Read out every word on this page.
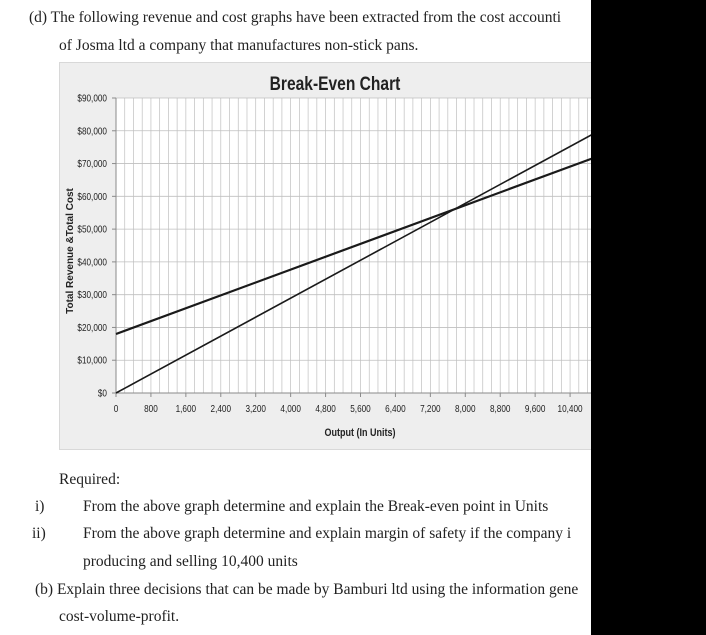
(d) The following revenue and cost graphs have been extracted from the cost accounti
of Josma ltd a company that manufactures non-stick pans.
Break-Even Chart
$0
$10,000
$20,000
$30,000
$40,000
$50,000
$60,000
$70,000
$80,000
$90,000
0	800 1,600 2,400 3,200 4,000 4,800 5,600 6,400 7,200 8,000 8,800 9,600 10,400
Output (In Units)
Total Revenue &Total Cost
Required:
i) From the above graph determine and explain the Break-even point in Units
ii) From the above graph determine and explain margin of safety if the company i
producing and selling 10,400 units
(b) Explain three decisions that can be made by Bamburi ltd using the information gene
cost-volume-profit.
